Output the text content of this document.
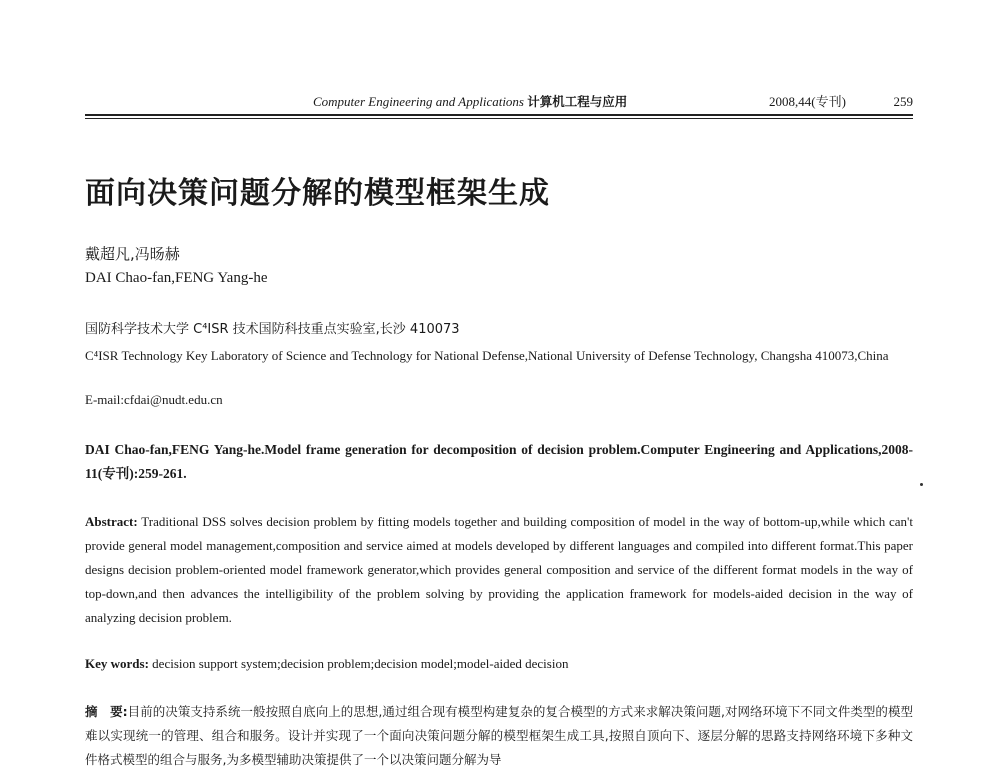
Computer Engineering and Applications 计算机工程与应用	2008,44(专刊)	259
面向决策问题分解的模型框架生成
戴超凡,冯旸赫
DAI Chao-fan,FENG Yang-he
国防科学技术大学 C⁴ISR 技术国防科技重点实验室,长沙 410073
C⁴ISR Technology Key Laboratory of Science and Technology for National Defense,National University of Defense Technology, Changsha 410073,China
E-mail:cfdai@nudt.edu.cn
DAI Chao-fan,FENG Yang-he.Model frame generation for decomposition of decision problem.Computer Engineering and Applications,2008-11(专刊):259-261.

Abstract: Traditional DSS solves decision problem by fitting models together and building composition of model in the way of bottom-up,while which can't provide general model management,composition and service aimed at models developed by different languages and compiled into different format.This paper designs decision problem-oriented model framework generator,which provides general composition and service of the different format models in the way of top-down,and then advances the intelligibility of the problem solving by providing the application framework for models-aided decision in the way of analyzing decision problem.

Key words: decision support system;decision problem;decision model;model-aided decision
摘　要:目前的决策支持系统一般按照自底向上的思想,通过组合现有模型构建复杂的复合模型的方式来求解决策问题,对网络环境下不同文件类型的模型难以实现统一的管理、组合和服务。设计并实现了一个面向决策问题分解的模型框架生成工具,按照自顶向下、逐层分解的思路支持网络环境下多种文件格式模型的组合与服务,为多模型辅助决策提供了一个以决策问题分解为导
